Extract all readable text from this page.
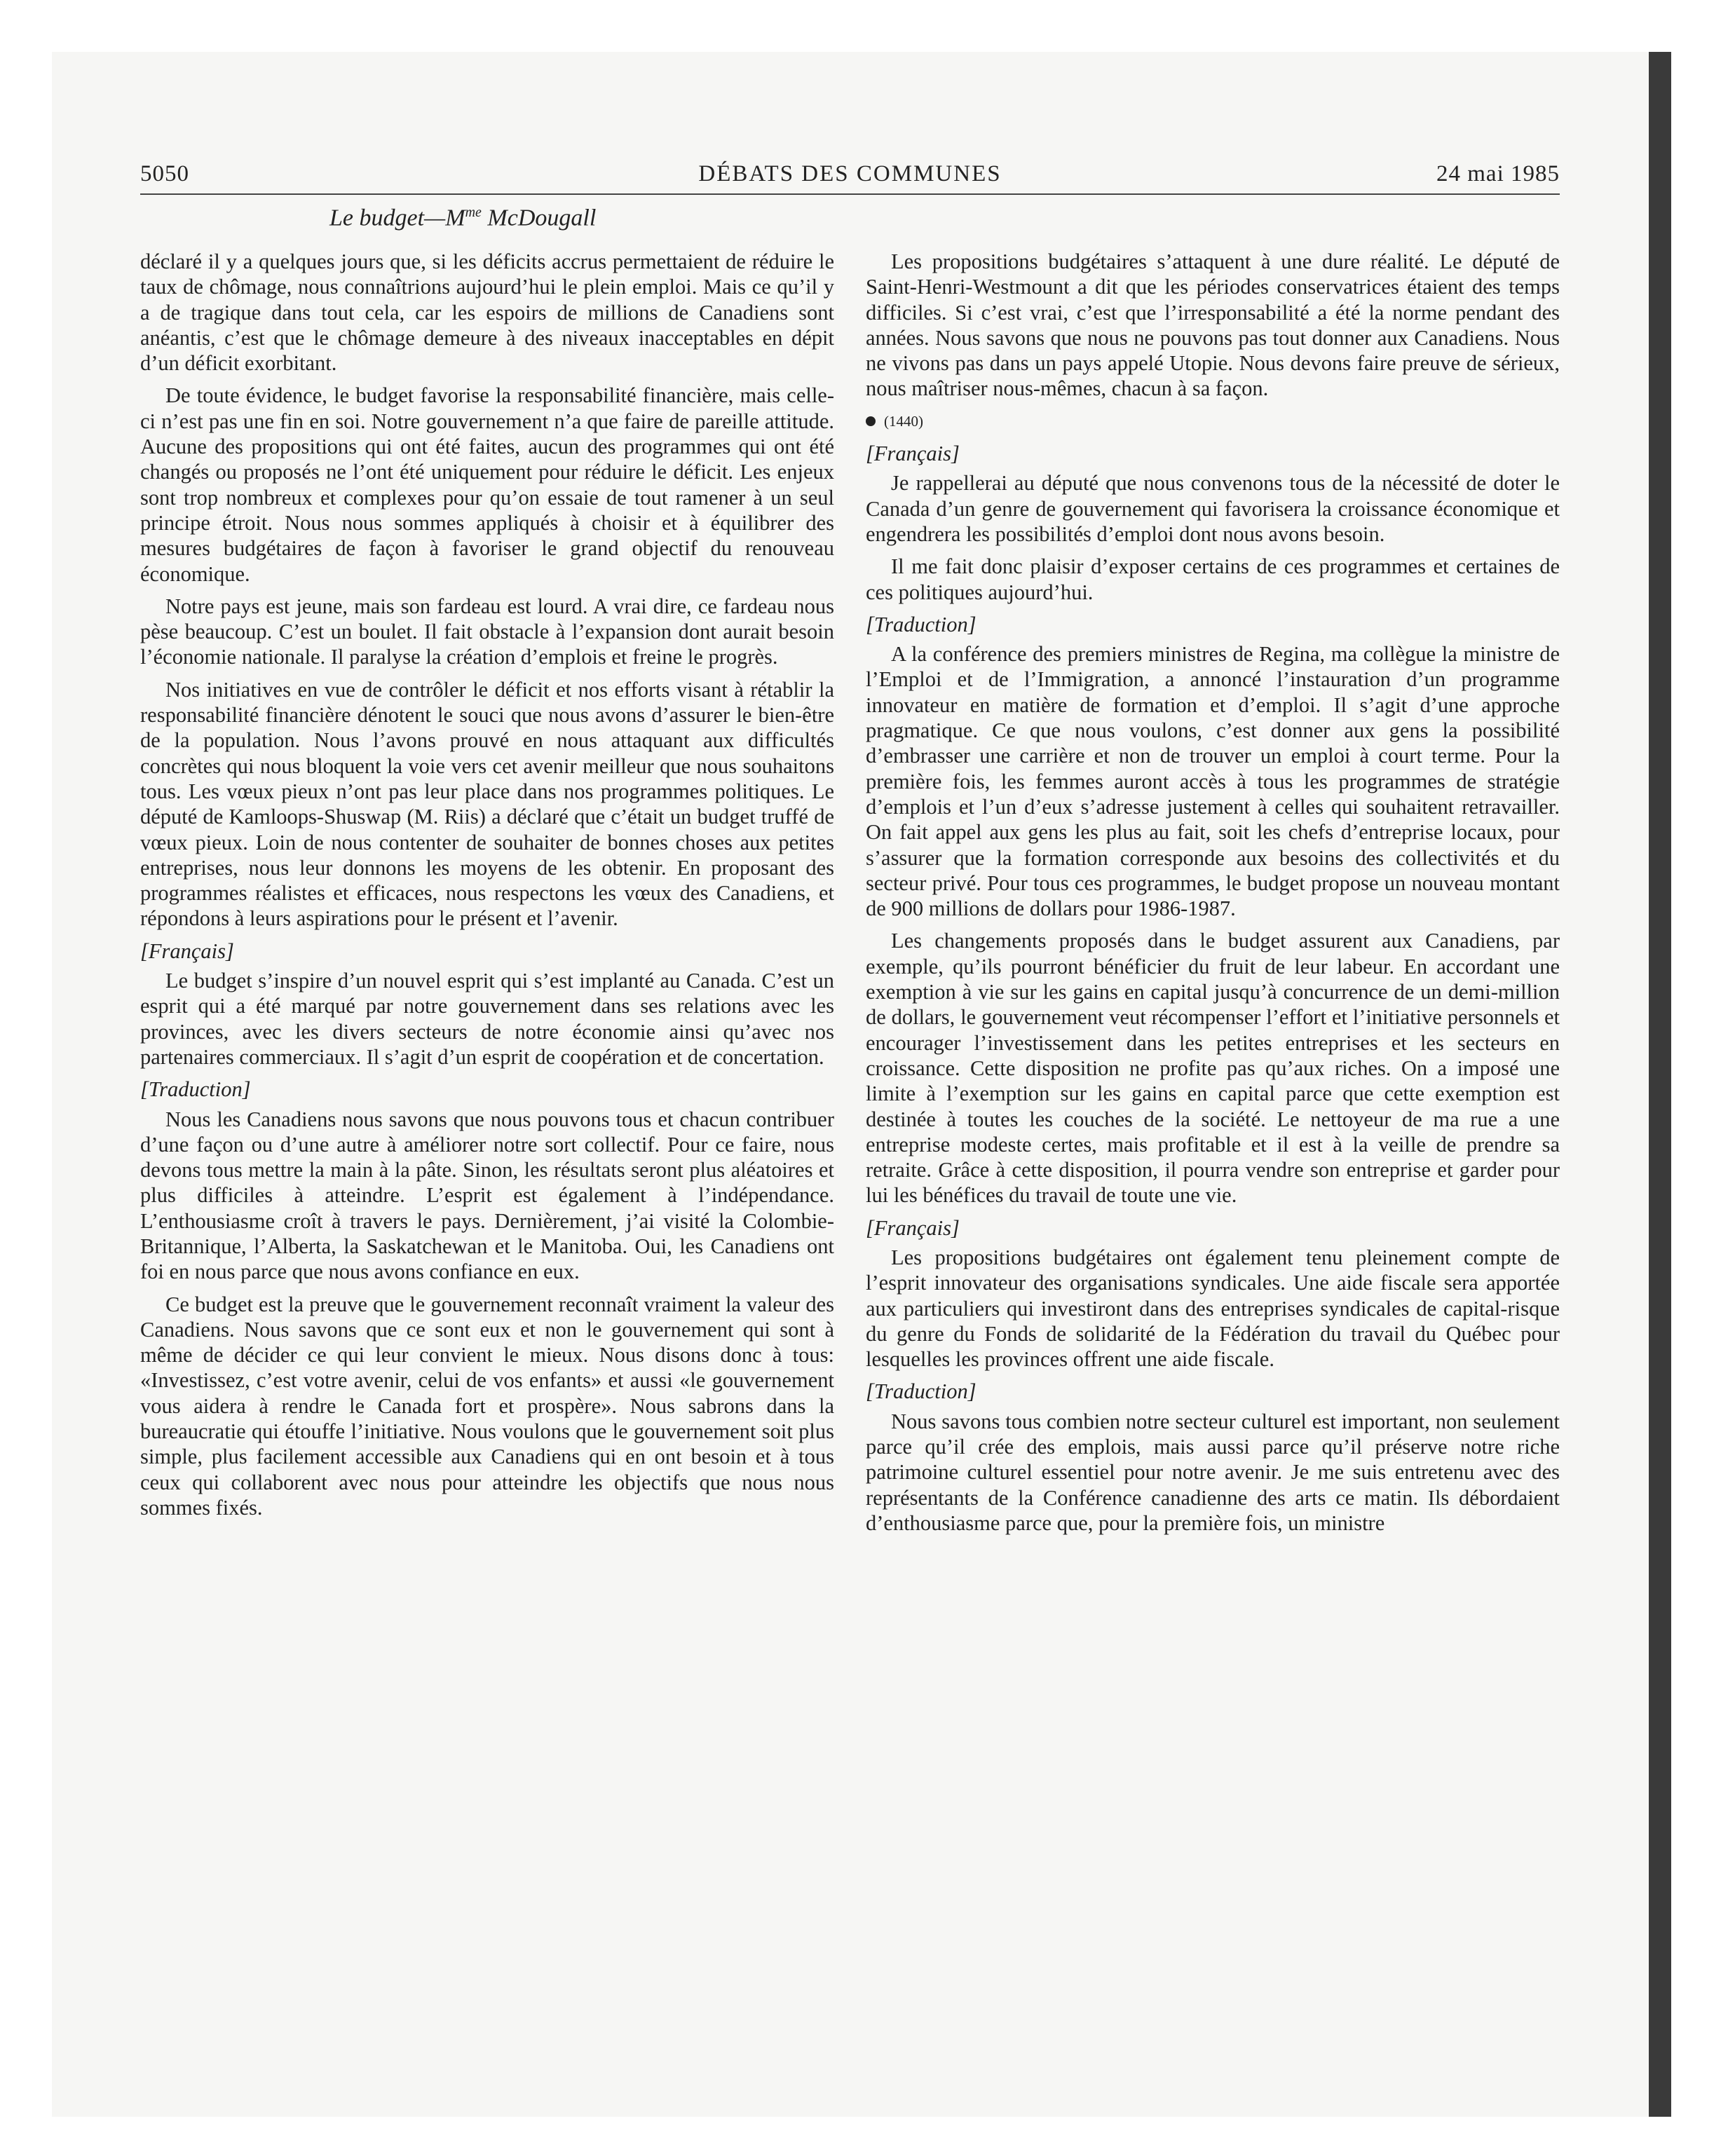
5050	DÉBATS DES COMMUNES	24 mai 1985
Le $budget—M^{me}$ McDougall

déclaré il y a quelques jours que, si les déficits accrus permettaient de réduire le taux de chômage, nous connaîtrions aujourd’hui le plein emploi. Mais ce qu’il y a de tragique dans tout cela, car les espoirs de millions de Canadiens sont anéantis, c’est que le chômage demeure à des niveaux inacceptables en dépit d’un déficit exorbitant.

De toute évidence, le budget favorise la responsabilité financière, mais celle-ci n’est pas une fin en soi. Notre gouvernement n’a que faire de pareille attitude. Aucune des propositions qui ont été faites, aucun des programmes qui ont été changés ou proposés ne l’ont été uniquement pour réduire le déficit. Les enjeux sont trop nombreux et complexes pour qu’on essaie de tout ramener à un seul principe étroit. Nous nous sommes appliqués à choisir et à équilibrer des mesures budgétaires de façon à favoriser le grand objectif du renouveau économique.

Notre pays est jeune, mais son fardeau est lourd. A vrai dire, ce fardeau nous pèse beaucoup. C’est un boulet. Il fait obstacle à l’expansion dont aurait besoin l’économie nationale. Il paralyse la création d’emplois et freine le progrès.

Nos initiatives en vue de contrôler le déficit et nos efforts visant à rétablir la responsabilité financière dénotent le souci que nous avons d’assurer le bien-être de la population. Nous l’avons prouvé en nous attaquant aux difficultés concrètes qui nous bloquent la voie vers cet avenir meilleur que nous souhaitons tous. Les vœux pieux n’ont pas leur place dans nos programmes politiques. Le député de Kamloops-Shuswap (M. Riis) a déclaré que c’était un budget truffé de vœux pieux. Loin de nous contenter de souhaiter de bonnes choses aux petites entreprises, nous leur donnons les moyens de les obtenir. En proposant des programmes réalistes et efficaces, nous respectons les vœux des Canadiens, et répondons à leurs aspirations pour le présent et l’avenir.

[Français]

Le budget s’inspire d’un nouvel esprit qui s’est implanté au Canada. C’est un esprit qui a été marqué par notre gouvernement dans ses relations avec les provinces, avec les divers secteurs de notre économie ainsi qu’avec nos partenaires commerciaux. Il s’agit d’un esprit de coopération et de concertation.

[Traduction]

Nous les Canadiens nous savons que nous pouvons tous et chacun contribuer d’une façon ou d’une autre à améliorer notre sort collectif. Pour ce faire, nous devons tous mettre la main à la pâte. Sinon, les résultats seront plus aléatoires et plus difficiles à atteindre. L’esprit est également à l’indépendance. L’enthousiasme croît à travers le pays. Dernièrement, j’ai visité la Colombie-Britannique, l’Alberta, la Saskatchewan et le Manitoba. Oui, les Canadiens ont foi en nous parce que nous avons confiance en eux.

Ce budget est la preuve que le gouvernement reconnaît vraiment la valeur des Canadiens. Nous savons que ce sont eux et non le gouvernement qui sont à même de décider ce qui leur convient le mieux. Nous disons donc à tous: «Investissez, c’est votre avenir, celui de vos enfants» et aussi «le gouvernement vous aidera à rendre le Canada fort et prospère». Nous sabrons dans la bureaucratie qui étouffe l’initiative. Nous voulons que le gouvernement soit plus simple, plus facilement accessible aux Canadiens qui en ont besoin et à tous ceux qui collaborent avec nous pour atteindre les objectifs que nous nous sommes fixés.

Les propositions budgétaires s’attaquent à une dure réalité. Le député de Saint-Henri-Westmount a dit que les périodes conservatrices étaient des temps difficiles. Si c’est vrai, c’est que l’irresponsabilité a été la norme pendant des années. Nous savons que nous ne pouvons pas tout donner aux Canadiens. Nous ne vivons pas dans un pays appelé Utopie. Nous devons faire preuve de sérieux, nous maîtriser nous-mêmes, chacun à sa façon.

(1440)

[Français]

Je rappellerai au député que nous convenons tous de la nécessité de doter le Canada d’un genre de gouvernement qui favorisera la croissance économique et engendrera les possibilités d’emploi dont nous avons besoin.

Il me fait donc plaisir d’exposer certains de ces programmes et certaines de ces politiques aujourd’hui.

[Traduction]

A la conférence des premiers ministres de Regina, ma collègue la ministre de l’Emploi et de l’Immigration, a annoncé l’instauration d’un programme innovateur en matière de formation et d’emploi. Il s’agit d’une approche pragmatique. Ce que nous voulons, c’est donner aux gens la possibilité d’embrasser une carrière et non de trouver un emploi à court terme. Pour la première fois, les femmes auront accès à tous les programmes de stratégie d’emplois et l’un d’eux s’adresse justement à celles qui souhaitent retravailler. On fait appel aux gens les plus au fait, soit les chefs d’entreprise locaux, pour s’assurer que la formation corresponde aux besoins des collectivités et du secteur privé. Pour tous ces programmes, le budget propose un nouveau montant de 900 millions de dollars pour 1986-1987.

Les changements proposés dans le budget assurent aux Canadiens, par exemple, qu’ils pourront bénéficier du fruit de leur labeur. En accordant une exemption à vie sur les gains en capital jusqu’à concurrence de un demi-million de dollars, le gouvernement veut récompenser l’effort et l’initiative personnels et encourager l’investissement dans les petites entreprises et les secteurs en croissance. Cette disposition ne profite pas qu’aux riches. On a imposé une limite à l’exemption sur les gains en capital parce que cette exemption est destinée à toutes les couches de la société. Le nettoyeur de ma rue a une entreprise modeste certes, mais profitable et il est à la veille de prendre sa retraite. Grâce à cette disposition, il pourra vendre son entreprise et garder pour lui les bénéfices du travail de toute une vie.

[Français]

Les propositions budgétaires ont également tenu pleinement compte de l’esprit innovateur des organisations syndicales. Une aide fiscale sera apportée aux particuliers qui investiront dans des entreprises syndicales de capital-risque du genre du Fonds de solidarité de la Fédération du travail du Québec pour lesquelles les provinces offrent une aide fiscale.

[Traduction]

Nous savons tous combien notre secteur culturel est important, non seulement parce qu’il crée des emplois, mais aussi parce qu’il préserve notre riche patrimoine culturel essentiel pour notre avenir. Je me suis entretenu avec des représentants de la Conférence canadienne des arts ce matin. Ils débordaient d’enthousiasme parce que, pour la première fois, un ministre
